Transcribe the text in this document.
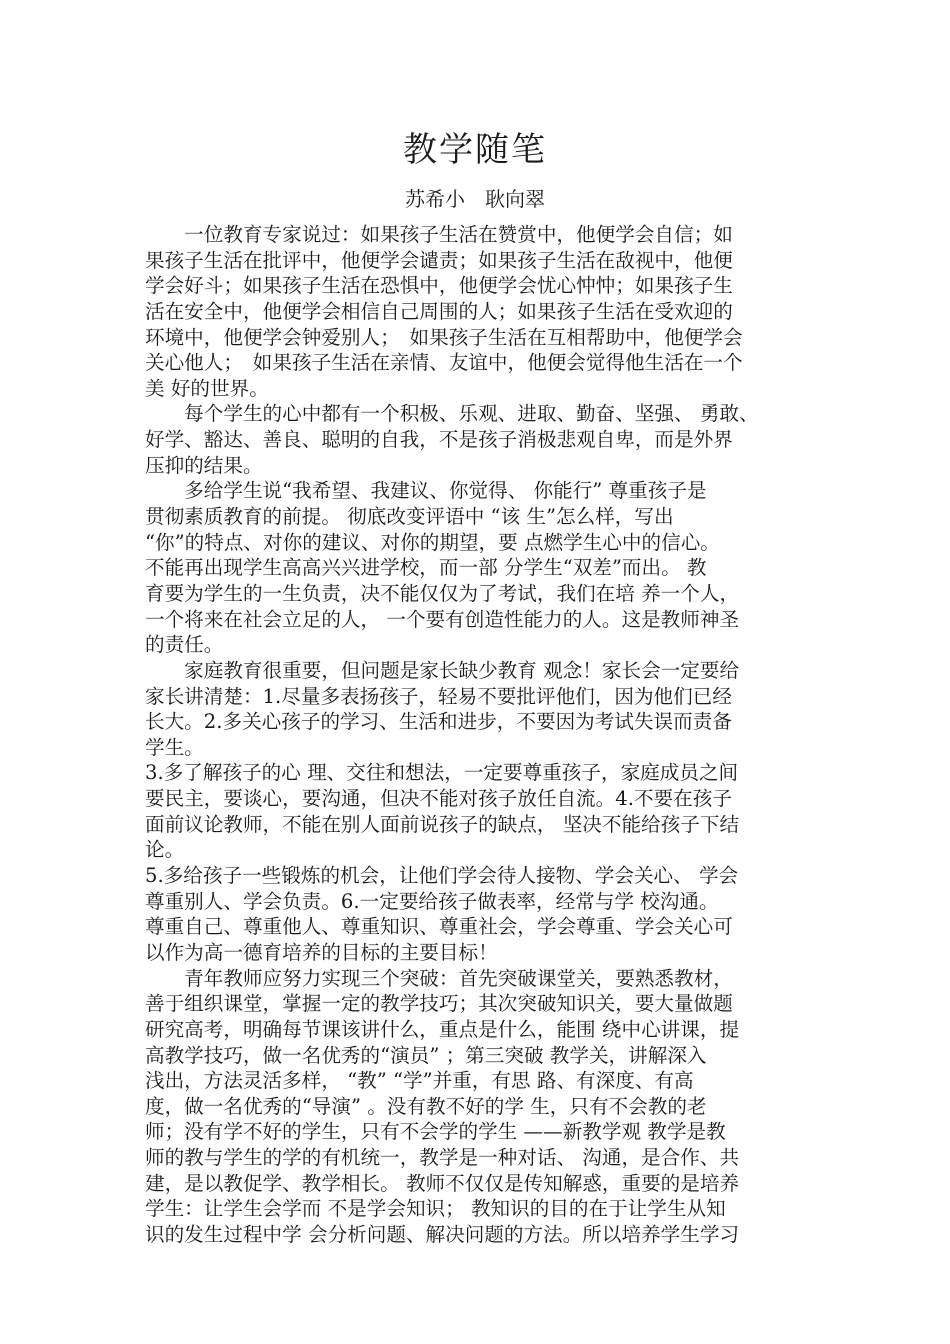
教学随笔
苏希小　耿向翠
　　一位教育专家说过：如果孩子生活在赞赏中，他便学会自信；如
果孩子生活在批评中，他便学会谴责；如果孩子生活在敌视中，他便
学会好斗；如果孩子生活在恐惧中，他便学会忧心忡忡；如果孩子生
活在安全中，他便学会相信自己周围的人；如果孩子生活在受欢迎的
环境中，他便学会钟爱别人；　如果孩子生活在互相帮助中，他便学会
关心他人；　如果孩子生活在亲情、友谊中，他便会觉得他生活在一个
美 好的世界。
　　每个学生的心中都有一个积极、乐观、进取、勤奋、坚强、 勇敢、
好学、豁达、善良、聪明的自我，不是孩子消极悲观自卑，而是外界
压抑的结果。
　　多给学生说“我希望、我建议、你觉得、 你能行” 尊重孩子是
贯彻素质教育的前提。 彻底改变评语中 “该 生”怎么样，写出
“你”的特点、对你的建议、对你的期望，要 点燃学生心中的信心。
不能再出现学生高高兴兴进学校，而一部 分学生“双差”而出。 教
育要为学生的一生负责，决不能仅仅为了考试，我们在培 养一个人，
一个将来在社会立足的人， 一个要有创造性能力的人。这是教师神圣
的责任。
　　家庭教育很重要，但问题是家长缺少教育 观念！家长会一定要给
家长讲清楚：1.尽量多表扬孩子，轻易不要批评他们，因为他们已经
长大。2.多关心孩子的学习、生活和进步，不要因为考试失误而责备
学生。
3.多了解孩子的心 理、交往和想法，一定要尊重孩子，家庭成员之间
要民主，要谈心，要沟通，但决不能对孩子放任自流。4.不要在孩子
面前议论教师，不能在别人面前说孩子的缺点， 坚决不能给孩子下结
论。
5.多给孩子一些锻炼的机会，让他们学会待人接物、学会关心、 学会
尊重别人、学会负责。6.一定要给孩子做表率，经常与学 校沟通。
尊重自己、尊重他人、尊重知识、尊重社会，学会尊重、学会关心可
以作为高一德育培养的目标的主要目标！
　　青年教师应努力实现三个突破：首先突破课堂关，要熟悉教材，
善于组织课堂，掌握一定的教学技巧；其次突破知识关，要大量做题
研究高考，明确每节课该讲什么，重点是什么，能围 绕中心讲课，提
高教学技巧，做一名优秀的“演员” ；第三突破 教学关，讲解深入
浅出，方法灵活多样， “教” “学”并重，有思 路、有深度、有高
度，做一名优秀的“导演” 。没有教不好的学 生，只有不会教的老
师；没有学不好的学生，只有不会学的学生 ——新教学观 教学是教
师的教与学生的学的有机统一，教学是一种对话、 沟通，是合作、共
建，是以教促学、教学相长。 教师不仅仅是传知解惑，重要的是培养
学生：让学生会学而 不是学会知识； 教知识的目的在于让学生从知
识的发生过程中学 会分析问题、解决问题的方法。所以培养学生学习
